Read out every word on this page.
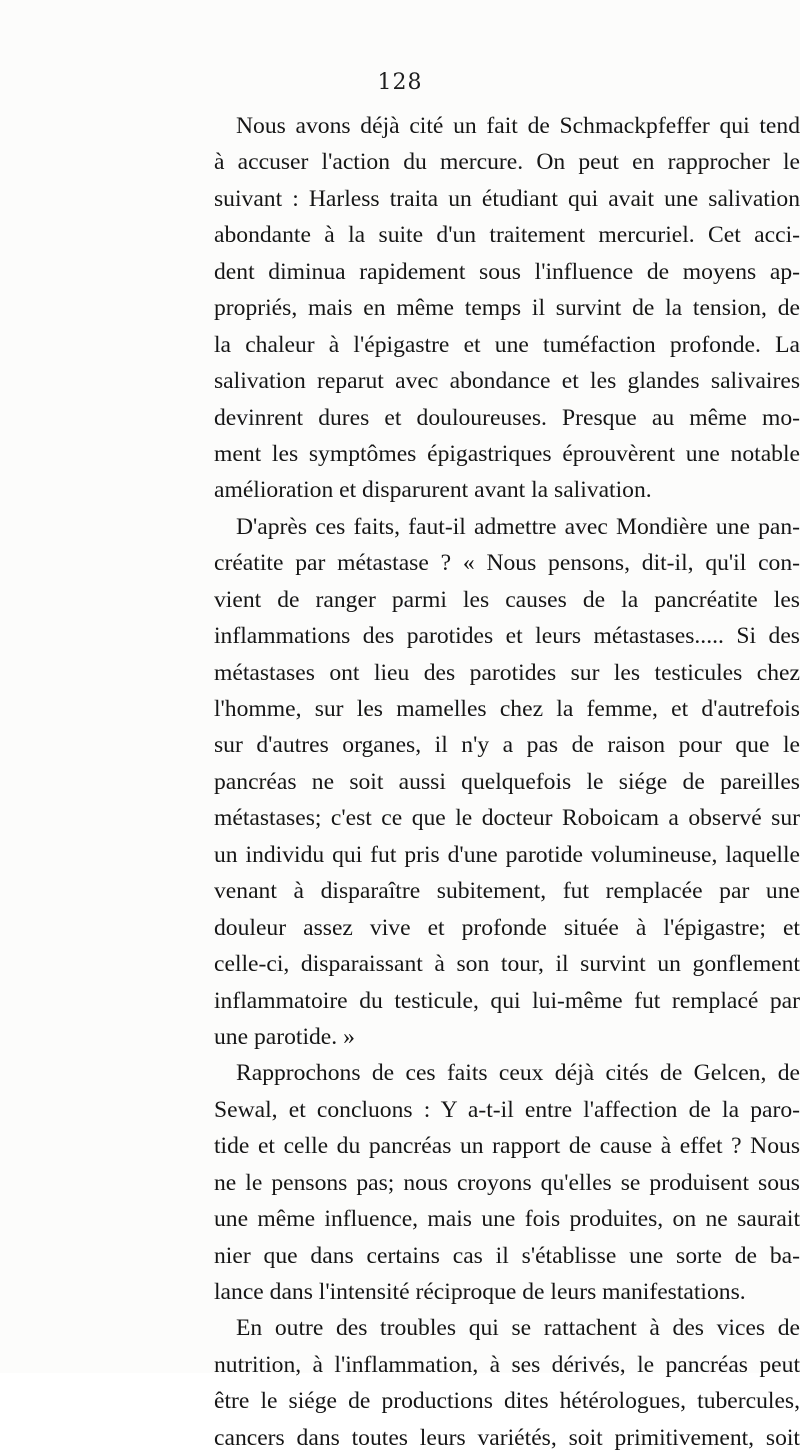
128
Nous avons déjà cité un fait de Schmackpfeffer qui tend
à accuser l'action du mercure. On peut en rapprocher le
suivant : Harless traita un étudiant qui avait une salivation
abondante à la suite d'un traitement mercuriel. Cet acci-
dent diminua rapidement sous l'influence de moyens ap-
propriés, mais en même temps il survint de la tension, de
la chaleur à l'épigastre et une tuméfaction profonde. La
salivation reparut avec abondance et les glandes salivaires
devinrent dures et douloureuses. Presque au même mo-
ment les symptômes épigastriques éprouvèrent une notable
amélioration et disparurent avant la salivation.
D'après ces faits, faut-il admettre avec Mondière une pan-
créatite par métastase ? « Nous pensons, dit-il, qu'il con-
vient de ranger parmi les causes de la pancréatite les
inflammations des parotides et leurs métastases..... Si des
métastases ont lieu des parotides sur les testicules chez
l'homme, sur les mamelles chez la femme, et d'autrefois
sur d'autres organes, il n'y a pas de raison pour que le
pancréas ne soit aussi quelquefois le siége de pareilles
métastases; c'est ce que le docteur Roboicam a observé sur
un individu qui fut pris d'une parotide volumineuse, laquelle
venant à disparaître subitement, fut remplacée par une
douleur assez vive et profonde située à l'épigastre; et
celle-ci, disparaissant à son tour, il survint un gonflement
inflammatoire du testicule, qui lui-même fut remplacé par
une parotide. »
Rapprochons de ces faits ceux déjà cités de Gelcen, de
Sewal, et concluons : Y a-t-il entre l'affection de la paro-
tide et celle du pancréas un rapport de cause à effet ? Nous
ne le pensons pas; nous croyons qu'elles se produisent sous
une même influence, mais une fois produites, on ne saurait
nier que dans certains cas il s'établisse une sorte de ba-
lance dans l'intensité réciproque de leurs manifestations.
En outre des troubles qui se rattachent à des vices de
nutrition, à l'inflammation, à ses dérivés, le pancréas peut
être le siége de productions dites hétérologues, tubercules,
cancers dans toutes leurs variétés, soit primitivement, soit
